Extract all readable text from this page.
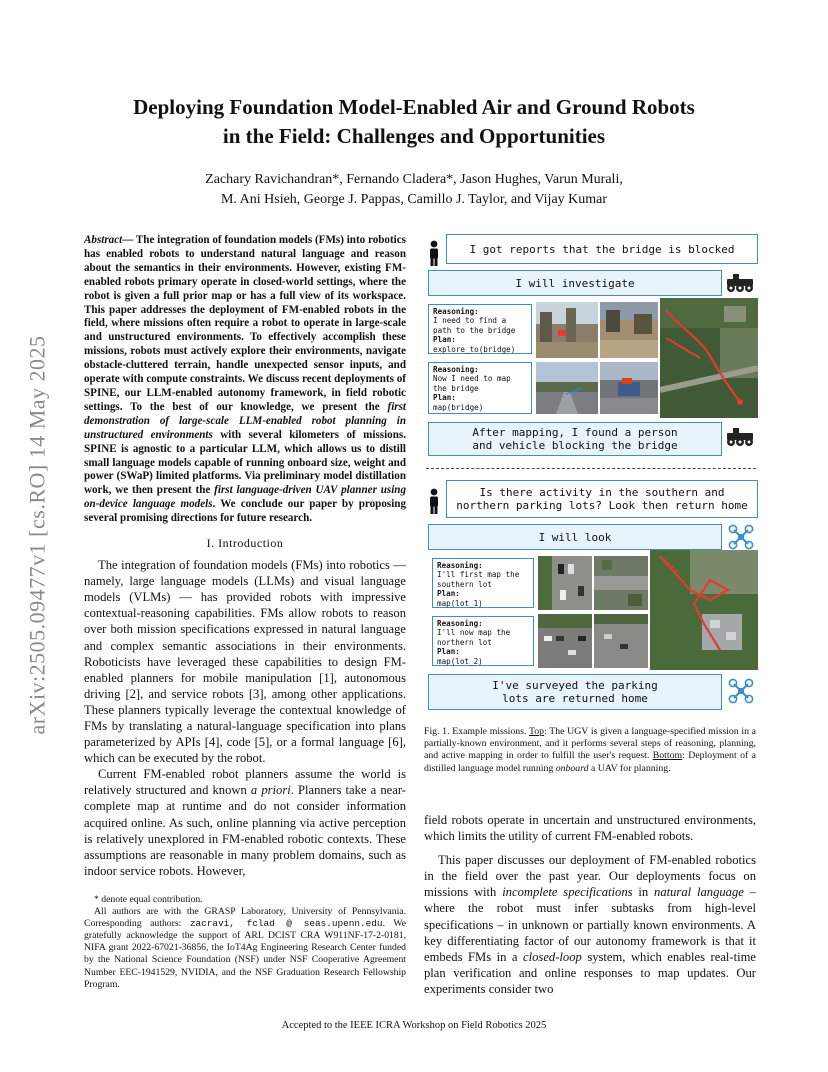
arXiv:2505.09477v1 [cs.RO] 14 May 2025
Deploying Foundation Model-Enabled Air and Ground Robots
in the Field: Challenges and Opportunities
Zachary Ravichandran*, Fernando Cladera*, Jason Hughes, Varun Murali,
M. Ani Hsieh, George J. Pappas, Camillo J. Taylor, and Vijay Kumar
Abstract— The integration of foundation models (FMs) into robotics has enabled robots to understand natural language and reason about the semantics in their environments. However, existing FM-enabled robots primary operate in closed-world settings, where the robot is given a full prior map or has a full view of its workspace. This paper addresses the deployment of FM-enabled robots in the field, where missions often require a robot to operate in large-scale and unstructured environments. To effectively accomplish these missions, robots must actively explore their environments, navigate obstacle-cluttered terrain, handle unexpected sensor inputs, and operate with compute constraints. We discuss recent deployments of SPINE, our LLM-enabled autonomy framework, in field robotic settings. To the best of our knowledge, we present the first demonstration of large-scale LLM-enabled robot planning in unstructured environments with several kilometers of missions. SPINE is agnostic to a particular LLM, which allows us to distill small language models capable of running onboard size, weight and power (SWaP) limited platforms. Via preliminary model distillation work, we then present the first language-driven UAV planner using on-device language models. We conclude our paper by proposing several promising directions for future research.
I. Introduction

The integration of foundation models (FMs) into robotics — namely, large language models (LLMs) and visual language models (VLMs) — has provided robots with impressive contextual-reasoning capabilities. FMs allow robots to reason over both mission specifications expressed in natural language and complex semantic associations in their environments. Roboticists have leveraged these capabilities to design FM-enabled planners for mobile manipulation [1], autonomous driving [2], and service robots [3], among other applications. These planners typically leverage the contextual knowledge of FMs by translating a natural-language specification into plans parameterized by APIs [4], code [5], or a formal language [6], which can be executed by the robot.

Current FM-enabled robot planners assume the world is relatively structured and known a priori. Planners take a near-complete map at runtime and do not consider information acquired online. As such, online planning via active perception is relatively unexplored in FM-enabled robotic contexts. These assumptions are reasonable in many problem domains, such as indoor service robots. However,

* denote equal contribution.

All authors are with the GRASP Laboratory, University of Pennsylvania. Corresponding authors: zacravi, fclad @ seas.upenn.edu. We gratefully acknowledge the support of ARL DCIST CRA W911NF-17-2-0181, NIFA grant 2022-67021-36856, the IoT4Ag Engineering Research Center funded by the National Science Foundation (NSF) under NSF Cooperative Agreement Number EEC-1941529, NVIDIA, and the NSF Graduation Research Fellowship Program.

I got reports that the bridge is blocked
I will investigate
Reasoning:
I need to find a
path to the bridge
Plan:
explore_to(bridge)
Reasoning:
Now I need to map
the bridge
Plan:
map(bridge)
After mapping, I found a person
and vehicle blocking the bridge
Is there activity in the southern and
northern parking lots? Look then return home
I will look
Reasoning:
I'll first map the
southern lot
Plan:
map(lot_1)
Reasoning:
I'll now map the
northern lot
Plan:
map(lot_2)
I've surveyed the parking
lots are returned home
Fig. 1. Example missions. Top: The UGV is given a language-specified mission in a partially-known environment, and it performs several steps of reasoning, planning, and active mapping in order to fulfill the user's request. Bottom: Deployment of a distilled language model running onboard a UAV for planning.

field robots operate in uncertain and unstructured environments, which limits the utility of current FM-enabled robots.

This paper discusses our deployment of FM-enabled robotics in the field over the past year. Our deployments focus on missions with incomplete specifications in natural language – where the robot must infer subtasks from high-level specifications – in unknown or partially known environments. A key differentiating factor of our autonomy framework is that it embeds FMs in a closed-loop system, which enables real-time plan verification and online responses to map updates. Our experiments consider two

Accepted to the IEEE ICRA Workshop on Field Robotics 2025
